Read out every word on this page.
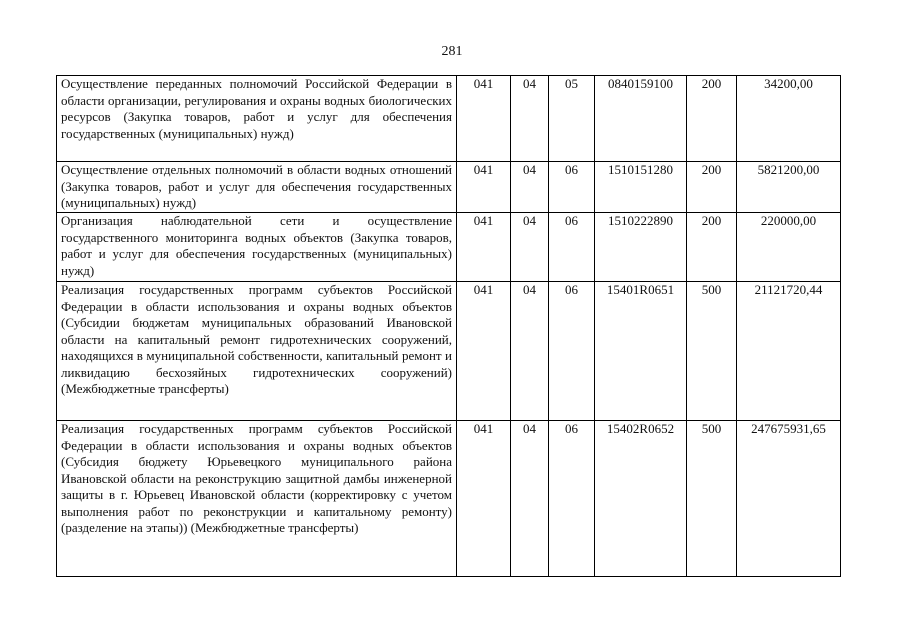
281
Осуществление переданных полномочий Российской Федерации в области организации, регулирования и охраны водных биологических ресурсов (Закупка товаров, работ и услуг для обеспечения государственных (муниципальных) нужд)	041	04	05	0840159100	200	34200,00
Осуществление отдельных полномочий в области водных отношений (Закупка товаров, работ и услуг для обеспечения государственных (муниципальных) нужд)	041	04	06	1510151280	200	5821200,00
Организация наблюдательной сети и осуществление государственного мониторинга водных объектов (Закупка товаров, работ и услуг для обеспечения государственных (муниципальных) нужд)	041	04	06	1510222890	200	220000,00
Реализация государственных программ субъектов Российской Федерации в области использования и охраны водных объектов (Субсидии бюджетам муниципальных образований Ивановской области на капитальный ремонт гидротехнических сооружений, находящихся в муниципальной собственности, капитальный ремонт и ликвидацию бесхозяйных гидротехнических сооружений) (Межбюджетные трансферты)	041	04	06	15401R0651	500	21121720,44
Реализация государственных программ субъектов Российской Федерации в области использования и охраны водных объектов (Субсидия бюджету Юрьевецкого муниципального района Ивановской области на реконструкцию защитной дамбы инженерной защиты в г. Юрьевец Ивановской области (корректировку с учетом выполнения работ по реконструкции и капитальному ремонту) (разделение на этапы)) (Межбюджетные трансферты)	041	04	06	15402R0652	500	247675931,65
